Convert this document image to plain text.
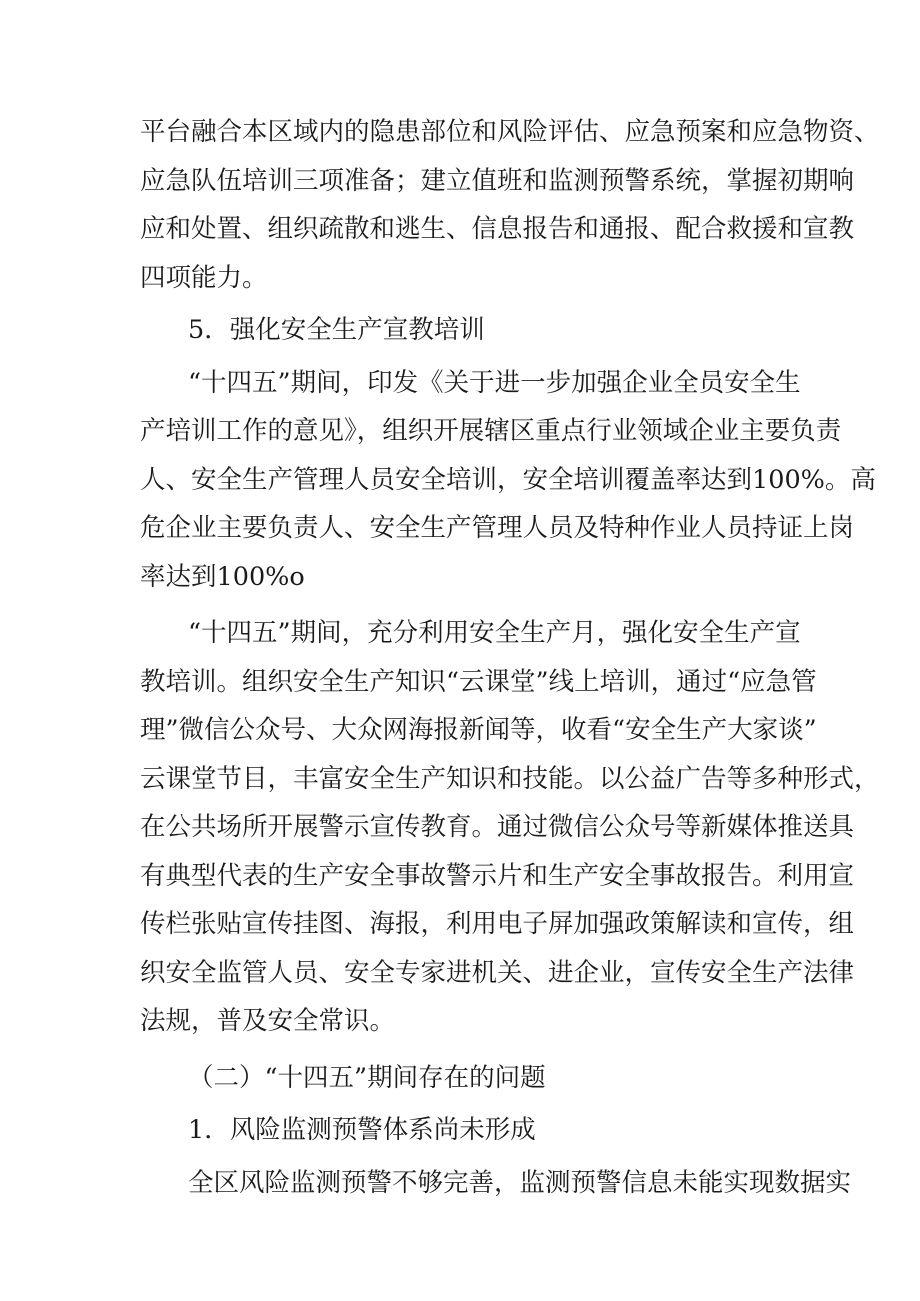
平台融合本区域内的隐患部位和风险评估、应急预案和应急物资、
应急队伍培训三项准备；建立值班和监测预警系统，掌握初期响
应和处置、组织疏散和逃生、信息报告和通报、配合救援和宣教
四项能力。
5．强化安全生产宣教培训
“十四五”期间，印发《关于进一步加强企业全员安全生
产培训工作的意见》，组织开展辖区重点行业领域企业主要负责
人、安全生产管理人员安全培训，安全培训覆盖率达到100%。高
危企业主要负责人、安全生产管理人员及特种作业人员持证上岗
率达到100%o
“十四五”期间，充分利用安全生产月，强化安全生产宣
教培训。组织安全生产知识“云课堂”线上培训，通过“应急管
理”微信公众号、大众网海报新闻等，收看“安全生产大家谈”
云课堂节目，丰富安全生产知识和技能。以公益广告等多种形式，
在公共场所开展警示宣传教育。通过微信公众号等新媒体推送具
有典型代表的生产安全事故警示片和生产安全事故报告。利用宣
传栏张贴宣传挂图、海报，利用电子屏加强政策解读和宣传，组
织安全监管人员、安全专家进机关、进企业，宣传安全生产法律
法规，普及安全常识。
（二）“十四五”期间存在的问题
1．风险监测预警体系尚未形成
全区风险监测预警不够完善，监测预警信息未能实现数据实
